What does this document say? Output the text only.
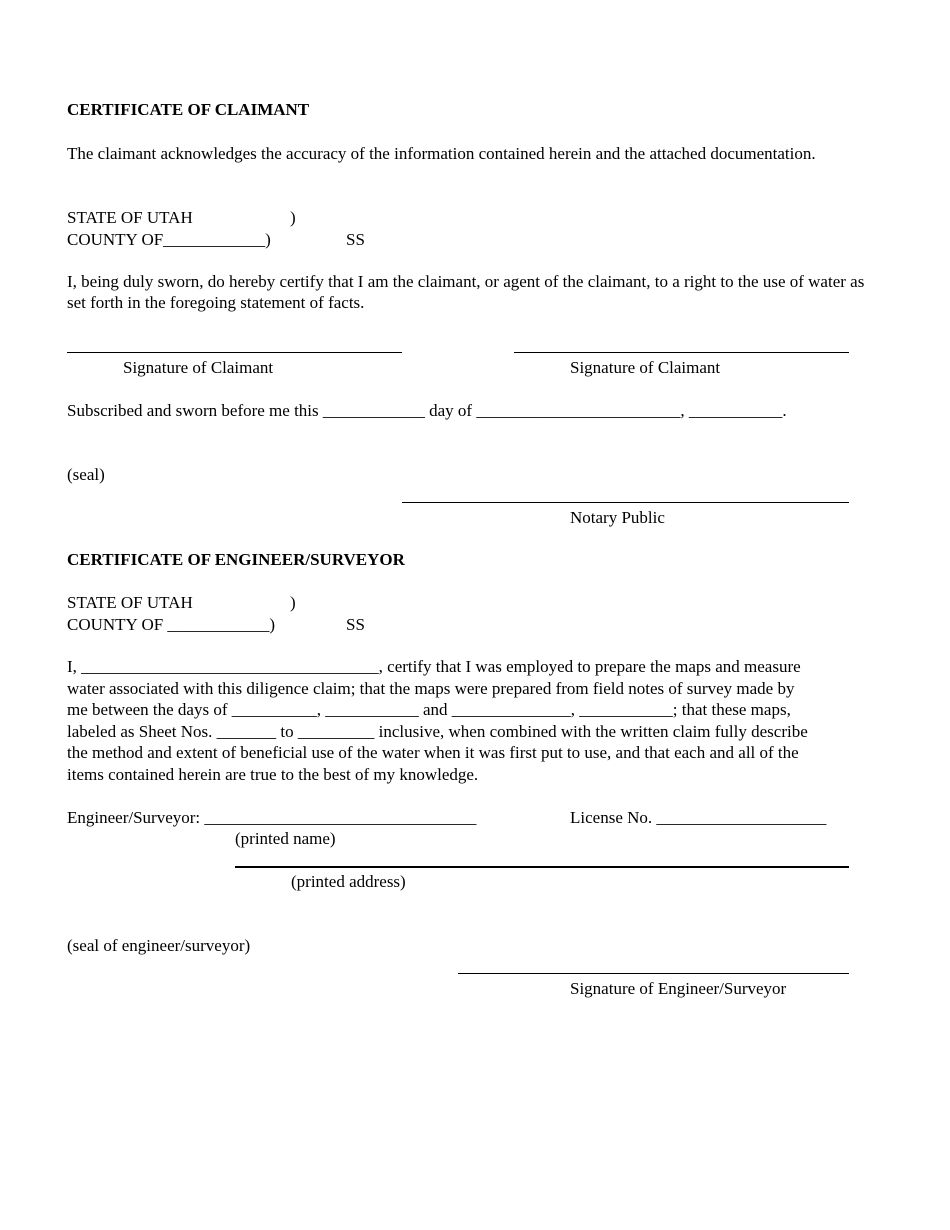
CERTIFICATE OF CLAIMANT
The claimant acknowledges the accuracy of the information contained herein and the attached documentation.
STATE OF UTAH	)
COUNTY OF____________)	SS
I, being duly sworn, do hereby certify that I am the claimant, or agent of the claimant, to a right to the use of water as set forth in the foregoing statement of facts.
Signature of Claimant	Signature of Claimant
Subscribed and sworn before me this ____________ day of ________________________, ___________.
(seal)
Notary Public
CERTIFICATE OF ENGINEER/SURVEYOR
STATE OF UTAH	)
COUNTY OF ____________)	SS
I, ___________________________________, certify that I was employed to prepare the maps and measure
water associated with this diligence claim; that the maps were prepared from field notes of survey made by
me between the days of __________, ___________ and ______________, ___________; that these maps,
labeled as Sheet Nos. _______ to _________ inclusive, when combined with the written claim fully describe
the method and extent of beneficial use of the water when it was first put to use, and that each and all of the
items contained herein are true to the best of my knowledge.
Engineer/Surveyor: ________________________________	License No. ____________________
(printed name)
(printed address)
(seal of engineer/surveyor)
Signature of Engineer/Surveyor
